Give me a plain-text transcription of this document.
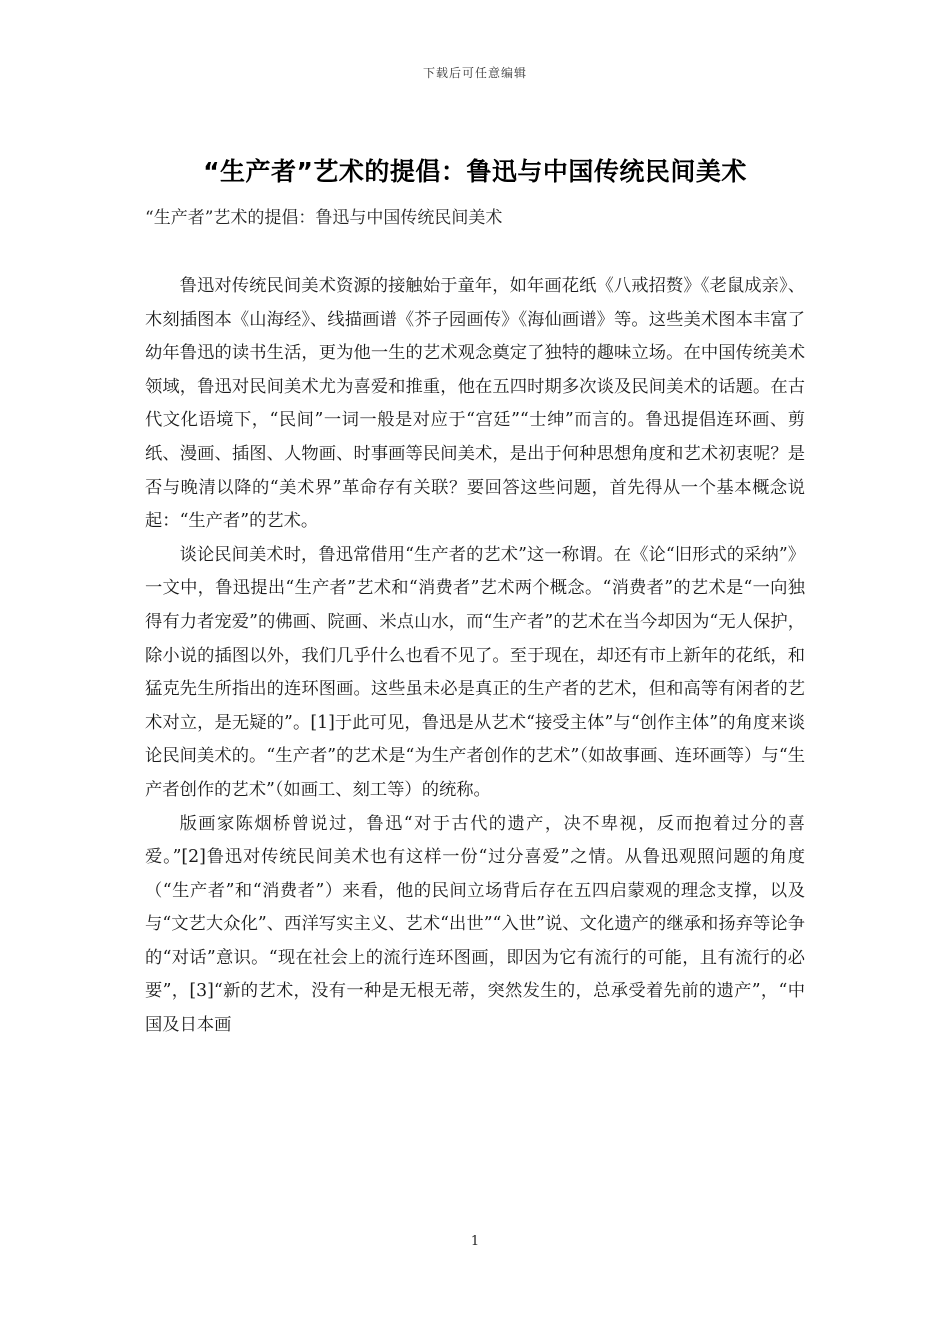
下载后可任意编辑
“生产者”艺术的提倡：鲁迅与中国传统民间美术
“生产者”艺术的提倡：鲁迅与中国传统民间美术

鲁迅对传统民间美术资源的接触始于童年，如年画花纸《八戒招赘》《老鼠成亲》、木刻插图本《山海经》、线描画谱《芥子园画传》《海仙画谱》等。这些美术图本丰富了幼年鲁迅的读书生活，更为他一生的艺术观念奠定了独特的趣味立场。在中国传统美术领域，鲁迅对民间美术尤为喜爱和推重，他在五四时期多次谈及民间美术的话题。在古代文化语境下，“民间”一词一般是对应于“宫廷”“士绅”而言的。鲁迅提倡连环画、剪纸、漫画、插图、人物画、时事画等民间美术，是出于何种思想角度和艺术初衷呢？是否与晚清以降的“美术界”革命存有关联？要回答这些问题，首先得从一个基本概念说起：“生产者”的艺术。

谈论民间美术时，鲁迅常借用“生产者的艺术”这一称谓。在《论“旧形式的采纳”》一文中，鲁迅提出“生产者”艺术和“消费者”艺术两个概念。“消费者”的艺术是“一向独得有力者宠爱”的佛画、院画、米点山水，而“生产者”的艺术在当今却因为“无人保护，除小说的插图以外，我们几乎什么也看不见了。至于现在，却还有市上新年的花纸，和猛克先生所指出的连环图画。这些虽未必是真正的生产者的艺术，但和高等有闲者的艺术对立，是无疑的”。[1]于此可见，鲁迅是从艺术“接受主体”与“创作主体”的角度来谈论民间美术的。“生产者”的艺术是“为生产者创作的艺术”（如故事画、连环画等）与“生产者创作的艺术”（如画工、刻工等）的统称。

版画家陈烟桥曾说过，鲁迅“对于古代的遗产，决不卑视，反而抱着过分的喜爱。”[2]鲁迅对传统民间美术也有这样一份“过分喜爱”之情。从鲁迅观照问题的角度（“生产者”和“消费者”）来看，他的民间立场背后存在五四启蒙观的理念支撑，以及与“文艺大众化”、西洋写实主义、艺术“出世”“入世”说、文化遗产的继承和扬弃等论争的“对话”意识。“现在社会上的流行连环图画，即因为它有流行的可能，且有流行的必要”，[3]“新的艺术，没有一种是无根无蒂，突然发生的，总承受着先前的遗产”，“中国及日本画

1
